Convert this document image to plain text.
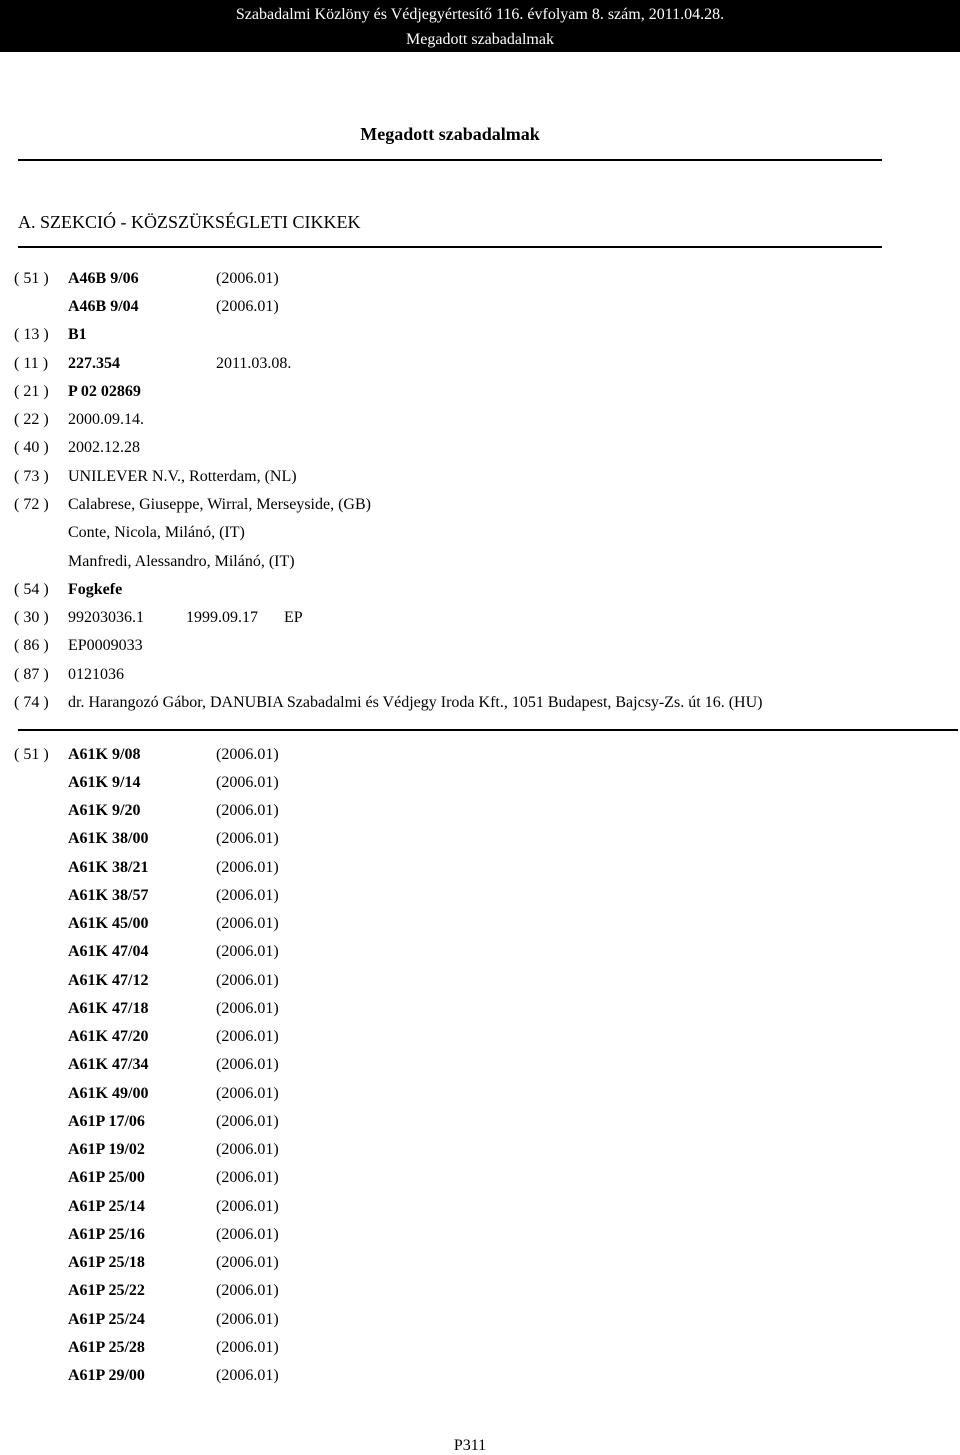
Szabadalmi Közlöny és Védjegyértesítő 116. évfolyam 8. szám, 2011.04.28.
Megadott szabadalmak
Megadott szabadalmak
A. SZEKCIÓ - KÖZSZÜKSÉGLETI CIKKEK
( 51 ) A46B 9/06	(2006.01)
A46B 9/04	(2006.01)
( 13 ) B1
( 11 ) 227.354	2011.03.08.
( 21 ) P 02 02869
( 22 ) 2000.09.14.
( 40 ) 2002.12.28
( 73 ) UNILEVER N.V., Rotterdam, (NL)
( 72 ) Calabrese, Giuseppe, Wirral, Merseyside, (GB)
Conte, Nicola, Milánó, (IT)
Manfredi, Alessandro, Milánó, (IT)
( 54 ) Fogkefe
( 30 ) 99203036.1	1999.09.17 EP
( 86 ) EP0009033
( 87 ) 0121036
( 74 ) dr. Harangozó Gábor, DANUBIA Szabadalmi és Védjegy Iroda Kft., 1051 Budapest, Bajcsy-Zs. út 16. (HU)
( 51 ) A61K 9/08	(2006.01)
A61K 9/14	(2006.01)
A61K 9/20	(2006.01)
A61K 38/00	(2006.01)
A61K 38/21	(2006.01)
A61K 38/57	(2006.01)
A61K 45/00	(2006.01)
A61K 47/04	(2006.01)
A61K 47/12	(2006.01)
A61K 47/18	(2006.01)
A61K 47/20	(2006.01)
A61K 47/34	(2006.01)
A61K 49/00	(2006.01)
A61P 17/06	(2006.01)
A61P 19/02	(2006.01)
A61P 25/00	(2006.01)
A61P 25/14	(2006.01)
A61P 25/16	(2006.01)
A61P 25/18	(2006.01)
A61P 25/22	(2006.01)
A61P 25/24	(2006.01)
A61P 25/28	(2006.01)
A61P 29/00	(2006.01)
P311
